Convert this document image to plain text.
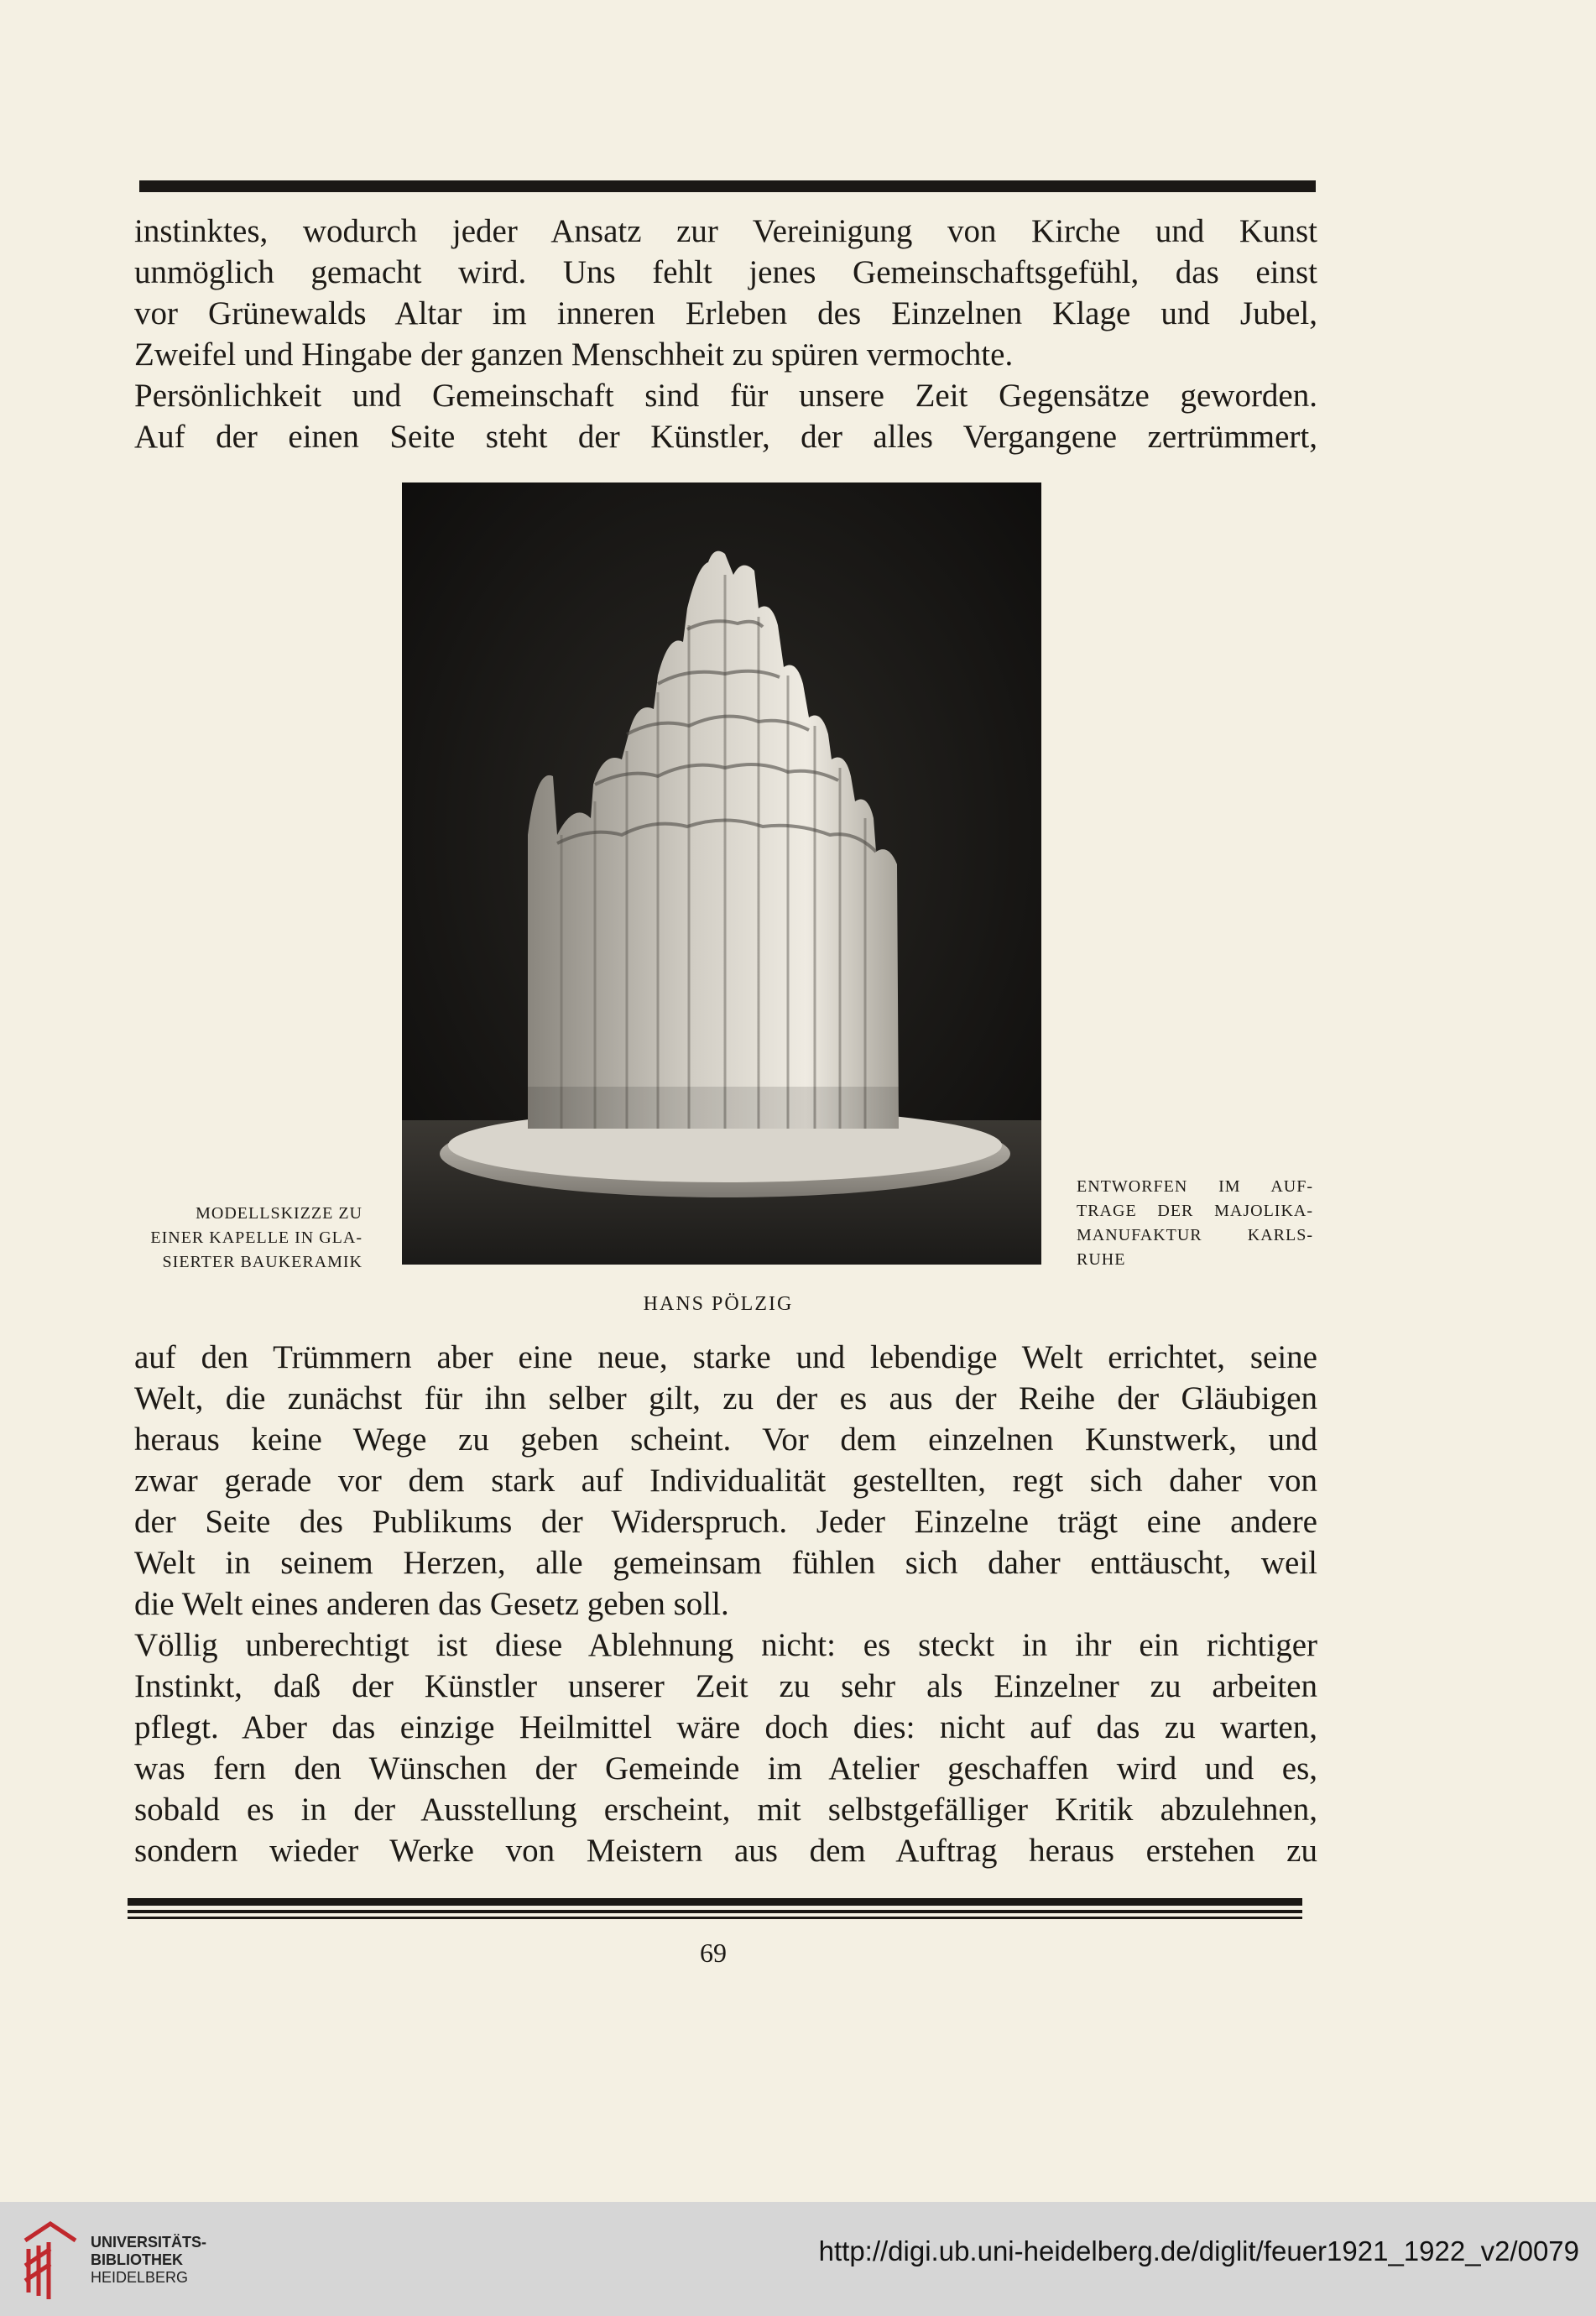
instinktes, wodurch jeder Ansatz zur Vereinigung von Kirche und Kunst
unmöglich gemacht wird. Uns fehlt jenes Gemeinschaftsgefühl, das einst
vor Grünewalds Altar im inneren Erleben des Einzelnen Klage und Jubel,
Zweifel und Hingabe der ganzen Menschheit zu spüren vermochte.
Persönlichkeit und Gemeinschaft sind für unsere Zeit Gegensätze geworden.
Auf der einen Seite steht der Künstler, der alles Vergangene zertrümmert,
MODELLSKIZZE ZU
EINER KAPELLE IN GLA-
SIERTER BAUKERAMIK
ENTWORFEN IM AUF-
TRAGE DER MAJOLIKA-
MANUFAKTUR KARLS-
RUHE
HANS PÖLZIG
auf den Trümmern aber eine neue, starke und lebendige Welt errichtet, seine
Welt, die zunächst für ihn selber gilt, zu der es aus der Reihe der Gläubigen
heraus keine Wege zu geben scheint. Vor dem einzelnen Kunstwerk, und
zwar gerade vor dem stark auf Individualität gestellten, regt sich daher von
der Seite des Publikums der Widerspruch. Jeder Einzelne trägt eine andere
Welt in seinem Herzen, alle gemeinsam fühlen sich daher enttäuscht, weil
die Welt eines anderen das Gesetz geben soll.
Völlig unberechtigt ist diese Ablehnung nicht: es steckt in ihr ein richtiger
Instinkt, daß der Künstler unserer Zeit zu sehr als Einzelner zu arbeiten
pflegt. Aber das einzige Heilmittel wäre doch dies: nicht auf das zu warten,
was fern den Wünschen der Gemeinde im Atelier geschaffen wird und es,
sobald es in der Ausstellung erscheint, mit selbstgefälliger Kritik abzulehnen,
sondern wieder Werke von Meistern aus dem Auftrag heraus erstehen zu
69
UNIVERSITÄTS-
BIBLIOTHEK
HEIDELBERG
http://digi.ub.uni-heidelberg.de/diglit/feuer1921_1922_v2/0079
